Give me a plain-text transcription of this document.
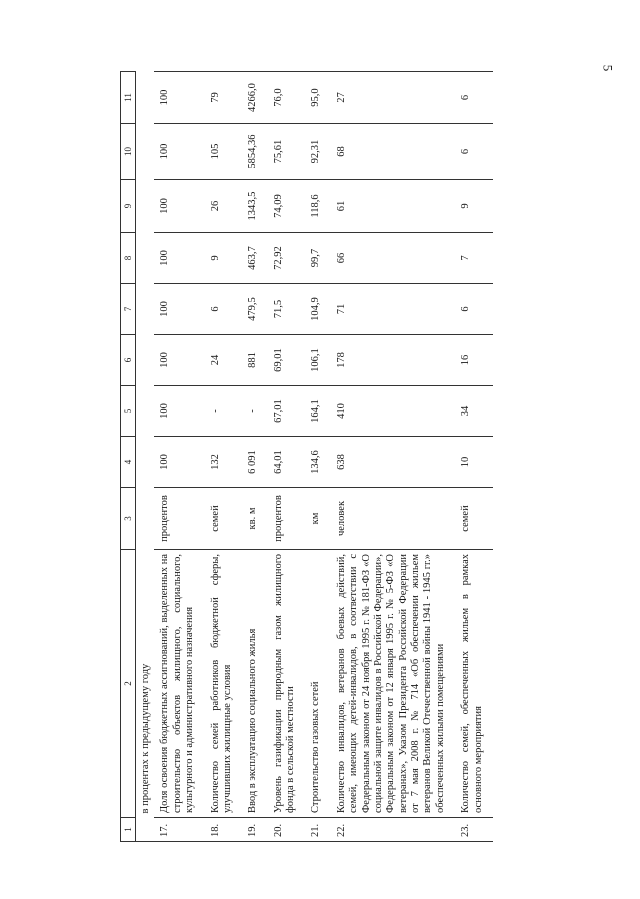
5
1	2	3	4	5	6	7	8	9	10	11
	в процентах к предыдущему году									
17.	Доля освоения бюджетных ассигнований, выделенных на строительство объектов жилищного, социального, культурного и административного назначения	процентов	100	100	100	100	100	100	100	100
18.	Количество семей работников бюджетной сферы, улучшивших жилищные условия	семей	132	-	24	6	9	26	105	79
19.	Ввод в эксплуатацию социального жилья	кв. м	6 091	-	881	479,5	463,7	1343,5	5854,36	4266,0
20.	Уровень газификации природным газом жилищного фонда в сельской местности	процентов	64,01	67,01	69,01	71,5	72,92	74,09	75,61	76,0
21.	Строительство газовых сетей	км	134,6	164,1	106,1	104,9	99,7	118,6	92,31	95,0
22.	Количество инвалидов, ветеранов боевых действий, семей, имеющих детей-инвалидов, в соответствии с Федеральным законом от 24 ноября 1995 г. № 181-ФЗ «О социальной защите инвалидов в Российской Федерации», Федеральным законом от 12 января 1995 г. № 5-ФЗ «О ветеранах», Указом Президента Российской Федерации от 7 мая 2008 г. № 714 «Об обеспечении жильем ветеранов Великой Отечественной войны 1941 - 1945 гг.» обеспеченных жилыми помещениями	человек	638	410	178	71	66	61	68	27
23.	Количество семей, обеспеченных жильем в рамках основного мероприятия	семей	10	34	16	6	7	9	6	6
